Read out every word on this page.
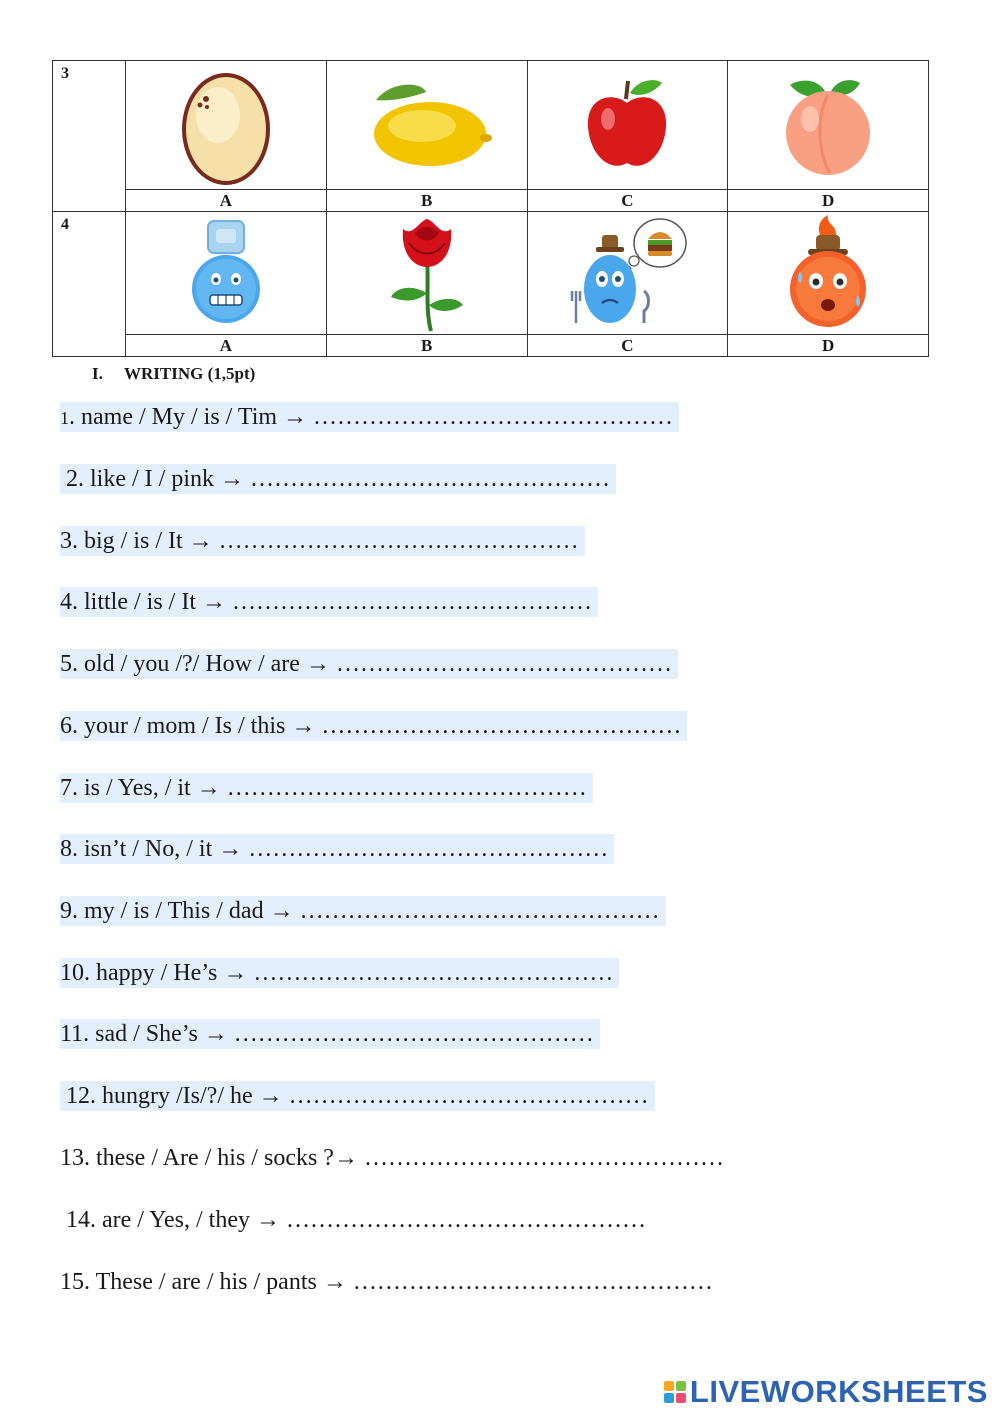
3	

	A	B	C	D
4	

	A	B	C	D
I. WRITING (1,5pt)
1. name / My / is / Tim → ………………………………………
2. like / I / pink → ………………………………………
3. big / is / It → ………………………………………
4. little / is / It → ………………………………………
5. old / you /?/ How / are → ……………………………………
6. your / mom / Is / this → ………………………………………
7. is / Yes, / it → ………………………………………
8. isn’t / No, / it → ………………………………………
9. my / is / This / dad → ………………………………………
10. happy / He’s → ………………………………………
11. sad / She’s → ………………………………………
12. hungry /Is/?/ he → ………………………………………
13. these / Are / his / socks ?→ ………………………………………
14. are / Yes, / they → ………………………………………
15. These / are / his / pants → ………………………………………
LIVEWORKSHEETS
